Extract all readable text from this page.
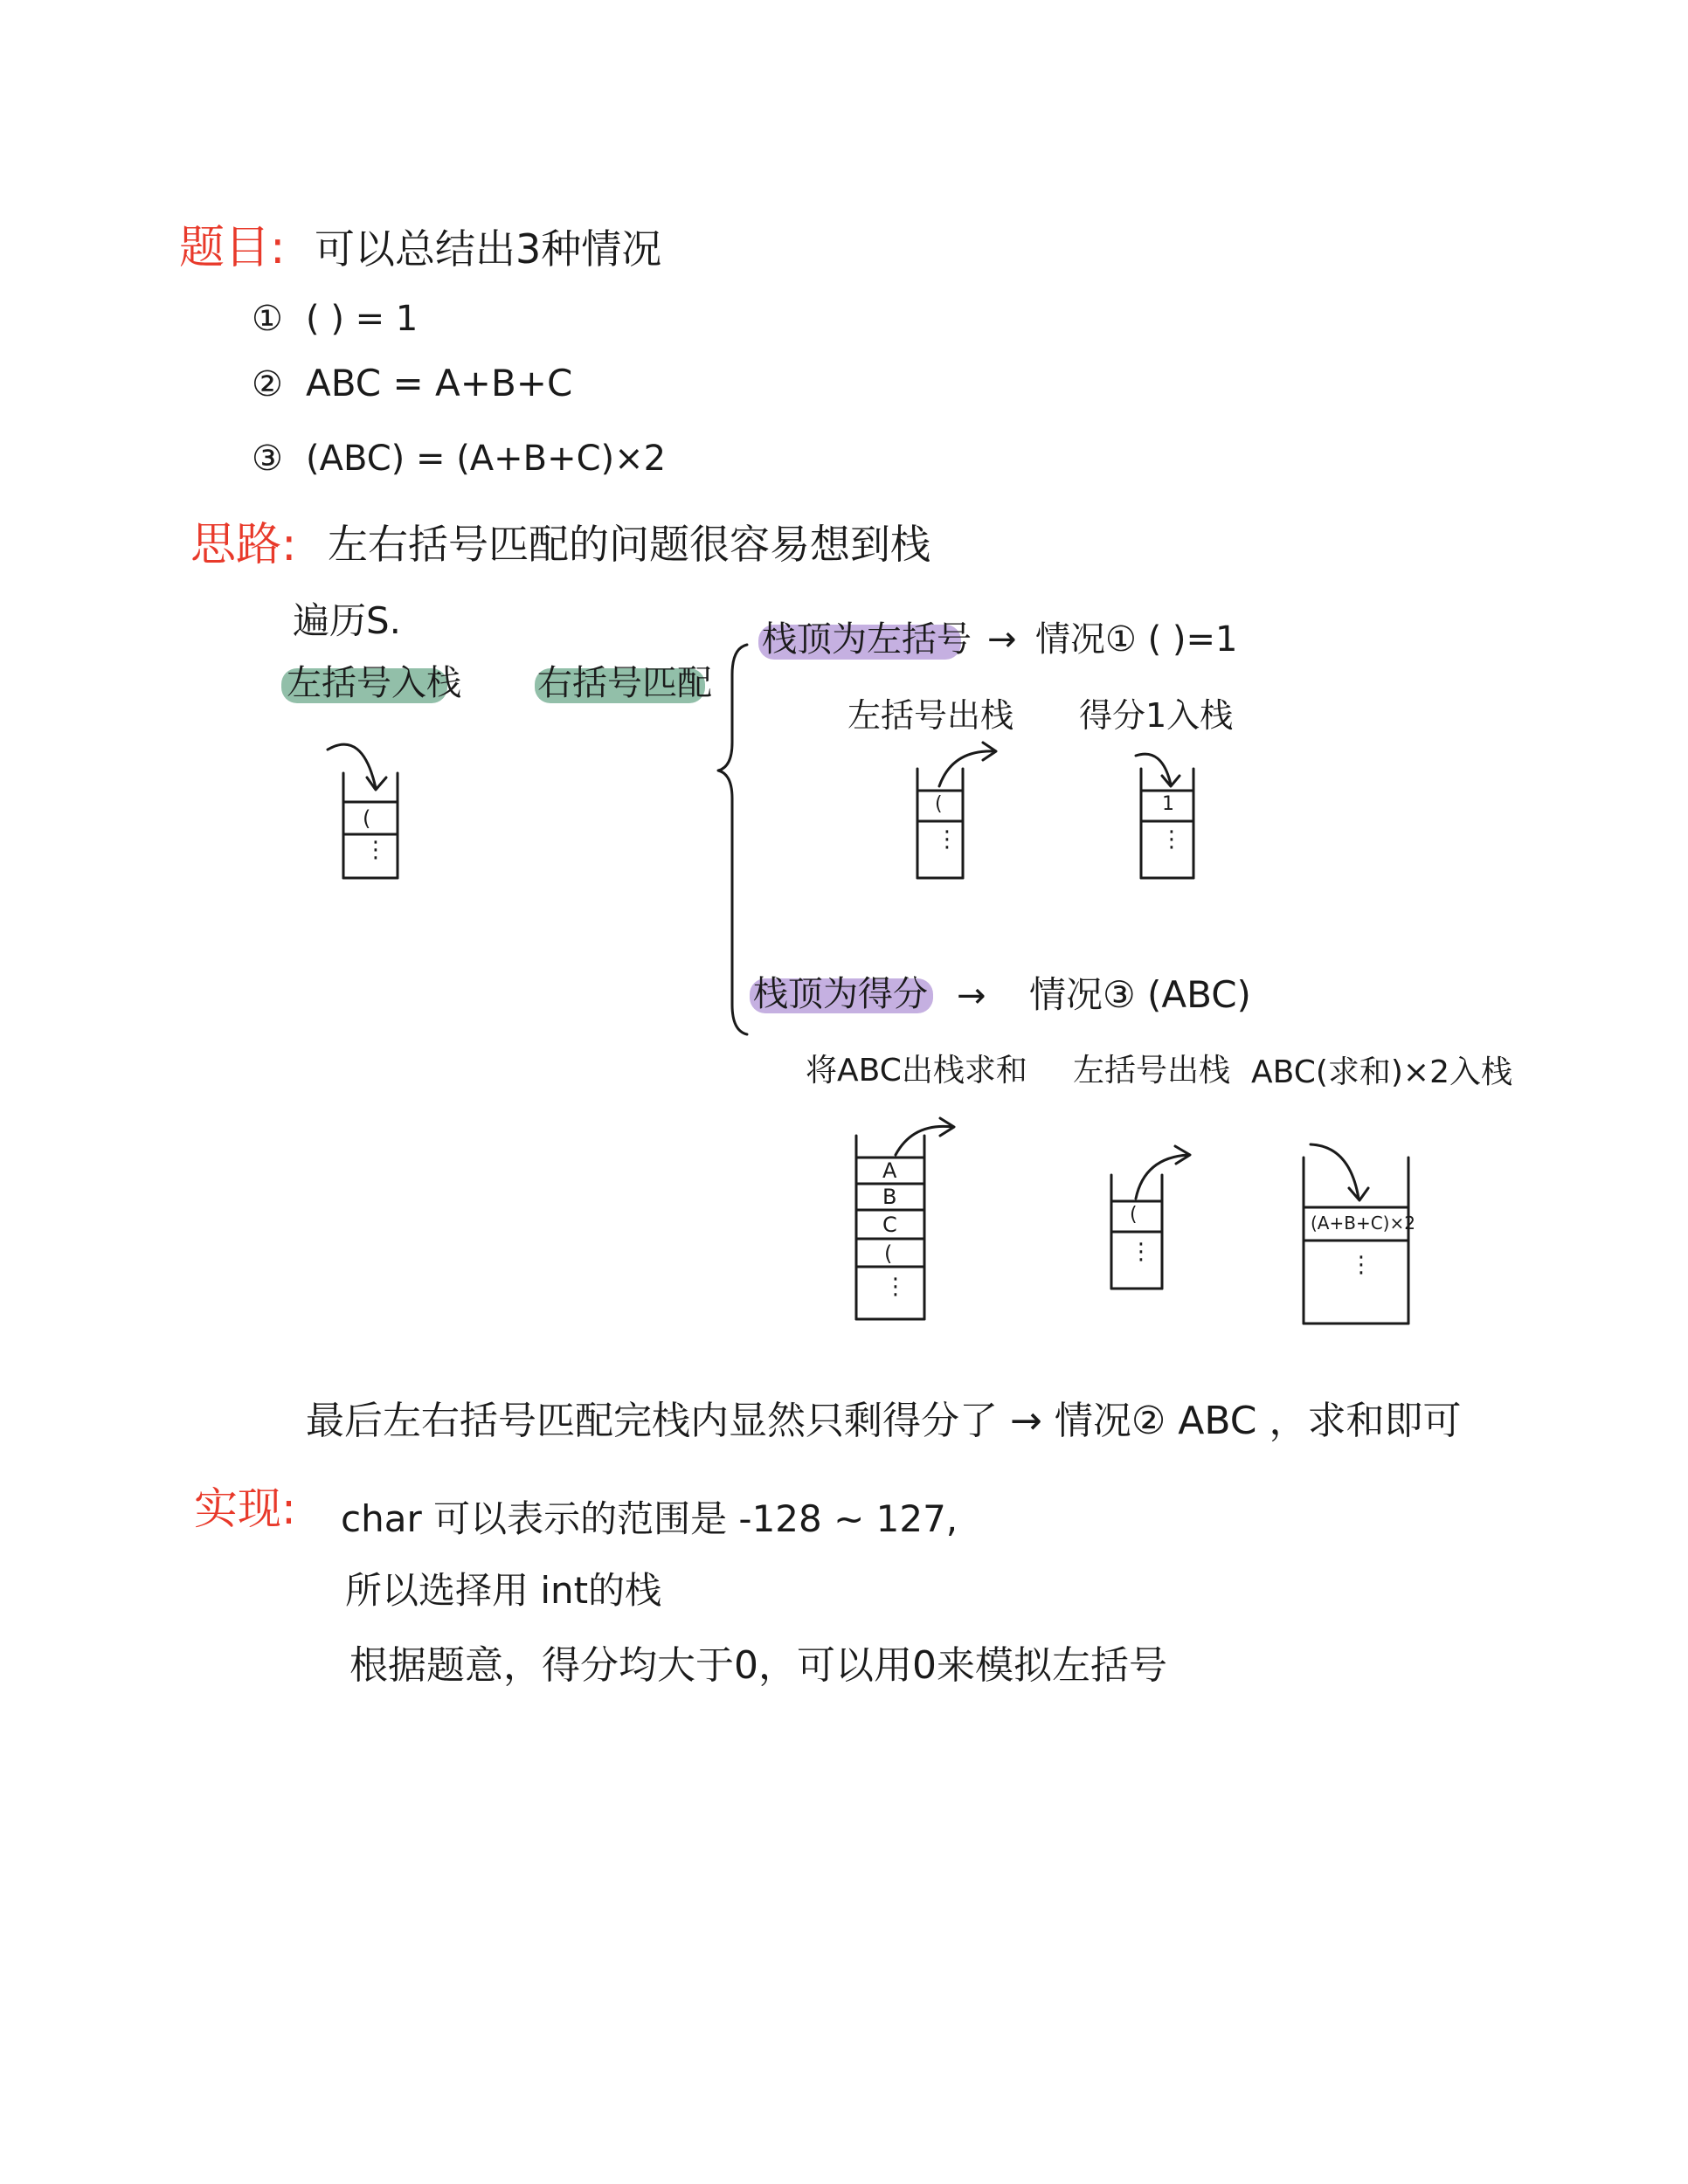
题目: 可以总结出3种情况
① ( ) = 1
② ABC = A+B+C
③ (ABC) = (A+B+C)×2
思路: 左右括号匹配的问题很容易想到栈
遍历S.
左括号入栈 右括号匹配
栈顶为左括号 → 情况① ( )=1
左括号出栈 得分1入栈
栈顶为得分 → 情况③ (ABC)
将ABC出栈求和 左括号出栈 ABC(求和)×2入栈
(
⋮
(
⋮
1
⋮
A
B
C
(
⋮
(
⋮
(A+B+C)×2
⋮
最后左右括号匹配完栈内显然只剩得分了 → 情况② ABC ，求和即可
实现: char 可以表示的范围是 -128 ~ 127,
所以选择用 int的栈
根据题意，得分均大于0，可以用0来模拟左括号
